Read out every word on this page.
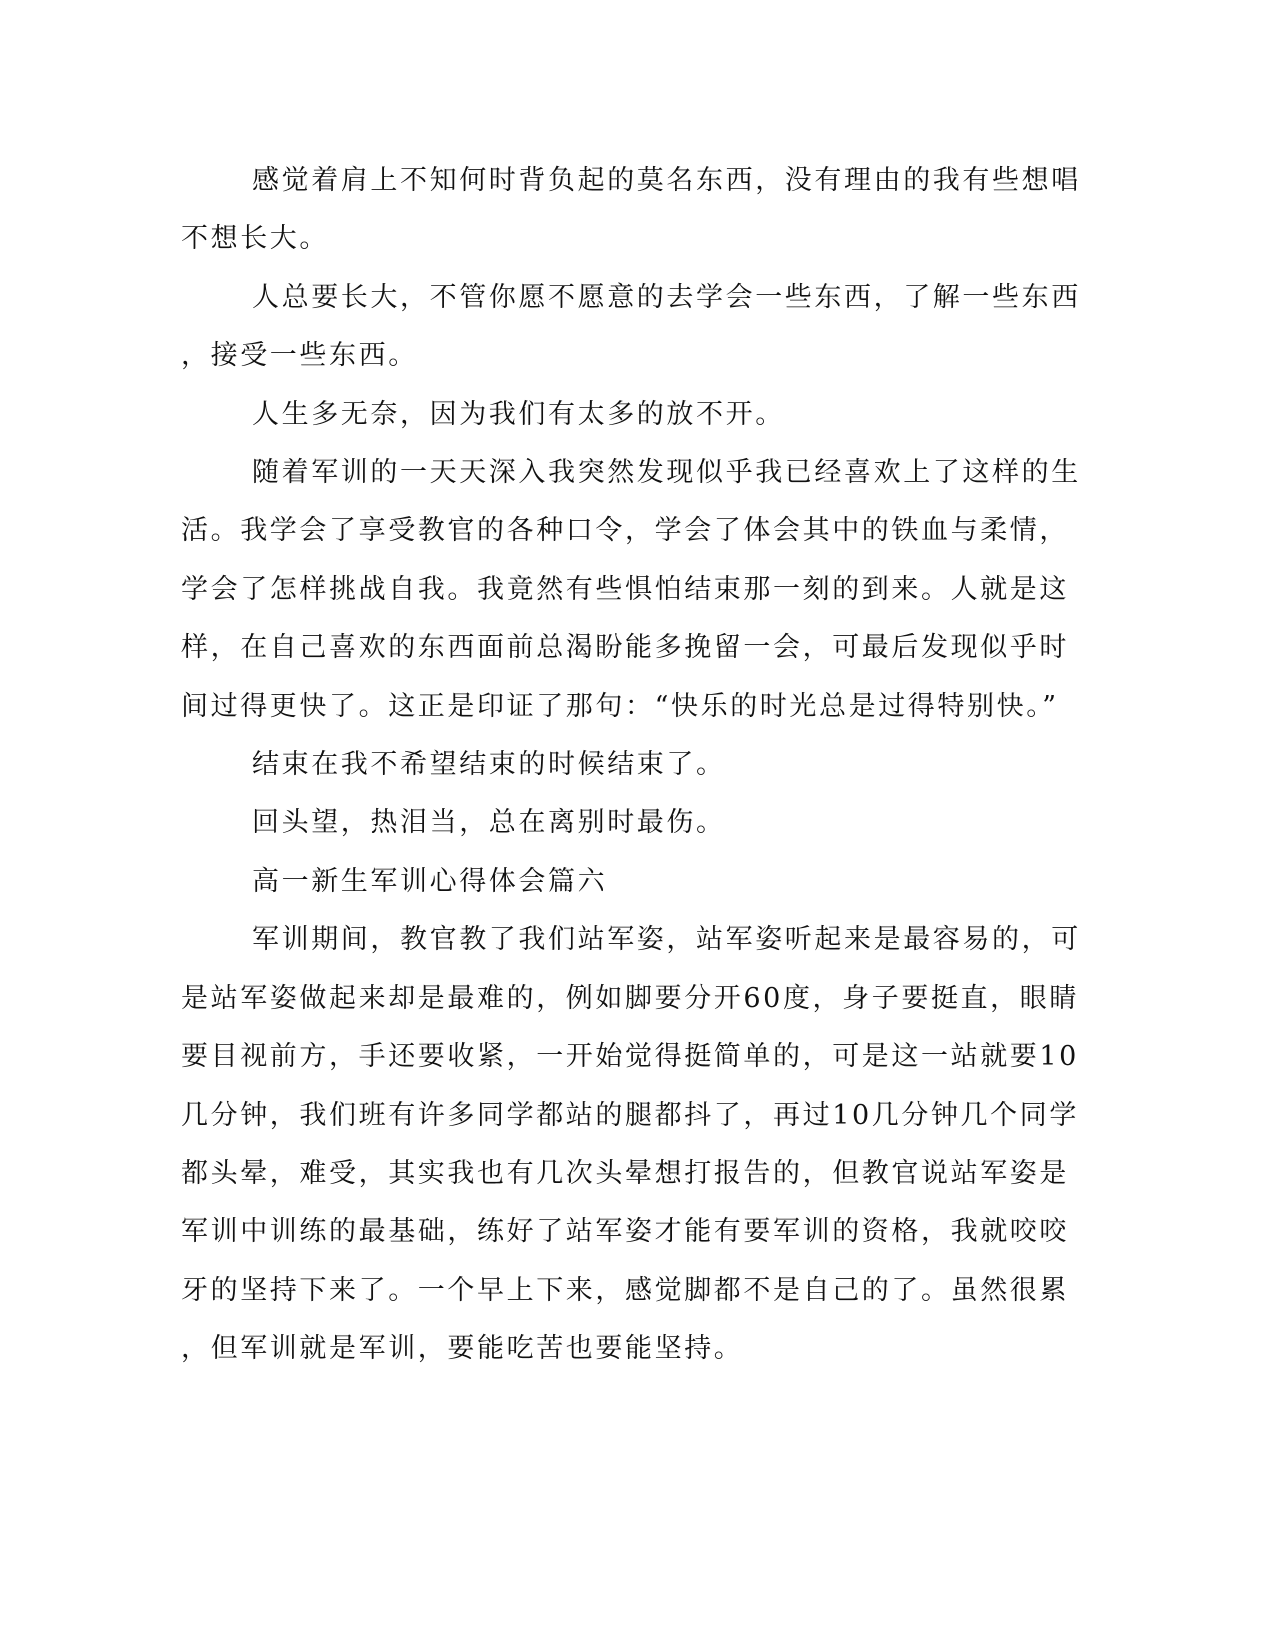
感觉着肩上不知何时背负起的莫名东西，没有理由的我有些想唱
不想长大。

人总要长大，不管你愿不愿意的去学会一些东西，了解一些东西
，接受一些东西。

人生多无奈，因为我们有太多的放不开。

随着军训的一天天深入我突然发现似乎我已经喜欢上了这样的生
活。我学会了享受教官的各种口令，学会了体会其中的铁血与柔情，
学会了怎样挑战自我。我竟然有些惧怕结束那一刻的到来。人就是这
样，在自己喜欢的东西面前总渴盼能多挽留一会，可最后发现似乎时
间过得更快了。这正是印证了那句：“快乐的时光总是过得特别快。”

结束在我不希望结束的时候结束了。

回头望，热泪当，总在离别时最伤。

高一新生军训心得体会篇六

军训期间，教官教了我们站军姿，站军姿听起来是最容易的，可
是站军姿做起来却是最难的，例如脚要分开60度，身子要挺直，眼睛
要目视前方，手还要收紧，一开始觉得挺简单的，可是这一站就要10
几分钟，我们班有许多同学都站的腿都抖了，再过10几分钟几个同学
都头晕，难受，其实我也有几次头晕想打报告的，但教官说站军姿是
军训中训练的最基础，练好了站军姿才能有要军训的资格，我就咬咬
牙的坚持下来了。一个早上下来，感觉脚都不是自己的了。虽然很累
，但军训就是军训，要能吃苦也要能坚持。
